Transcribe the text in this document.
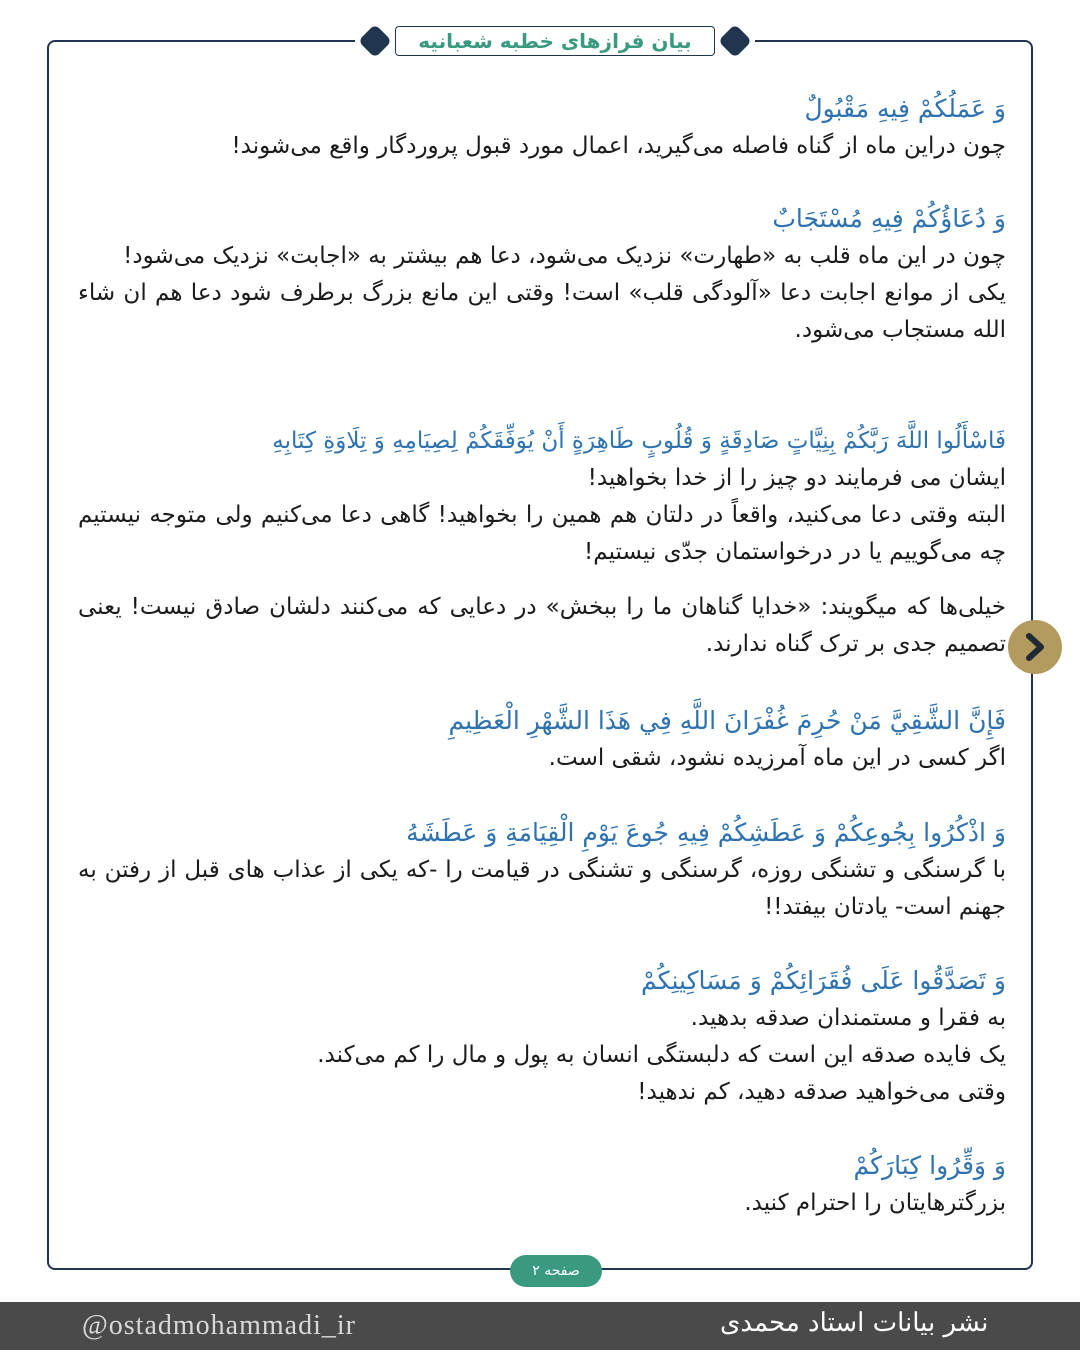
بیان فرازهای خطبه شعبانیه
وَ عَمَلُكُمْ فِيهِ مَقْبُولٌ

چون دراین ماه از گناه فاصله می‌گیرید، اعمال مورد قبول پروردگار واقع می‌شوند!

وَ دُعَاؤُكُمْ فِيهِ مُسْتَجَابٌ

چون در این ماه قلب به «طهارت» نزدیک می‌شود، دعا هم بیشتر به «اجابت» نزدیک می‌شود!

یکی از موانع اجابت دعا «آلودگی قلب» است! وقتی این مانع بزرگ برطرف شود دعا هم ان شاء الله مستجاب می‌شود.

فَاسْأَلُوا اللَّهَ رَبَّكُمْ بِنِيَّاتٍ صَادِقَةٍ وَ قُلُوبٍ طَاهِرَةٍ أَنْ يُوَفِّقَكُمْ لِصِيَامِهِ وَ تِلَاوَةِ كِتَابِهِ

ایشان می فرمایند دو چیز را از خدا بخواهید!

البته وقتی دعا می‌کنید، واقعاً در دلتان هم همین را بخواهید! گاهی دعا می‌کنیم ولی متوجه نیستیم چه می‌گوییم یا در درخواستمان جدّی نیستیم!

خیلی‌ها که میگویند: «خدایا گناهان ما را ببخش» در دعایی که می‌کنند دلشان صادق نیست! یعنی تصمیم جدی بر ترک گناه ندارند.

فَإِنَّ الشَّقِيَّ مَنْ حُرِمَ غُفْرَانَ اللَّهِ فِي هَذَا الشَّهْرِ الْعَظِيمِ

اگر کسی در این ماه آمرزیده نشود، شقی است.

وَ اذْكُرُوا بِجُوعِكُمْ وَ عَطَشِكُمْ فِيهِ جُوعَ يَوْمِ الْقِيَامَةِ وَ عَطَشَهُ

با گرسنگی و تشنگی روزه، گرسنگی و تشنگی در قیامت را -که یکی از عذاب های قبل از رفتن به جهنم است- یادتان بیفتد!!

وَ تَصَدَّقُوا عَلَى فُقَرَائِكُمْ وَ مَسَاكِينِكُمْ

به فقرا و مستمندان صدقه بدهید.

یک فایده صدقه این است که دلبستگی انسان به پول و مال را کم می‌کند.

وقتی می‌خواهید صدقه دهید، کم ندهید!

وَ وَقِّرُوا كِبَارَكُمْ

بزرگترهایتان را احترام کنید.

صفحه ۲
@ostadmohammadi_ir	نشر بیانات استاد محمدی
